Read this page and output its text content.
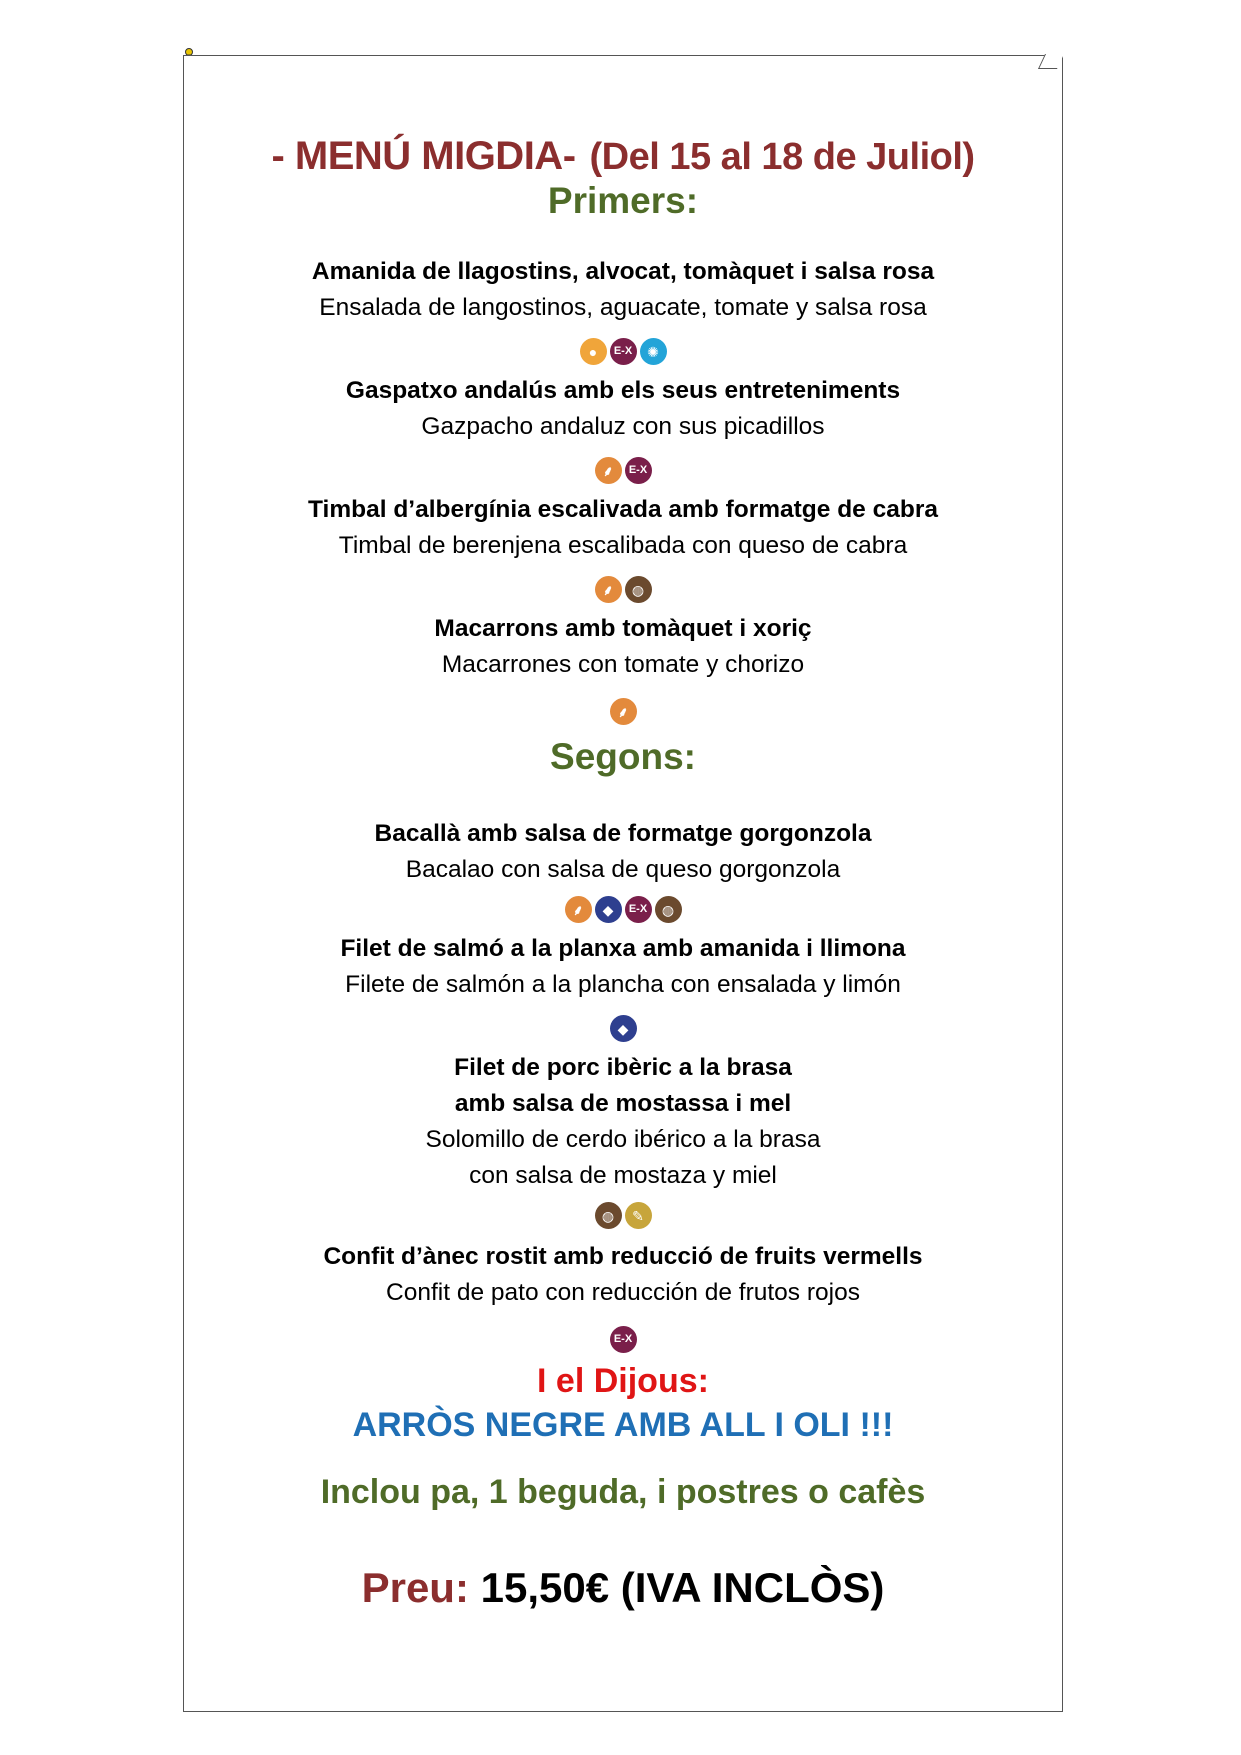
- MENÚ MIGDIA- (Del 15 al 18 de Juliol)
Primers:
Amanida de llagostins, alvocat, tomàquet i salsa rosa
Ensalada de langostinos, aguacate, tomate y salsa rosa
●	E-X	✺
Gaspatxo andalús amb els seus entreteniments
Gazpacho andaluz con sus picadillos
⸙	E-X
Timbal d’albergínia escalivada amb formatge de cabra
Timbal de berenjena escalibada con queso de cabra
⸙	◍
Macarrons amb tomàquet i xoriç
Macarrones con tomate y chorizo
⸙
Segons:
Bacallà amb salsa de formatge gorgonzola
Bacalao con salsa de queso gorgonzola
⸙	◆	E-X	◍
Filet de salmó a la planxa amb amanida i llimona
Filete de salmón a la plancha con ensalada y limón
◆
Filet de porc ibèric a la brasa
amb salsa de mostassa i mel
Solomillo de cerdo ibérico a la brasa
con salsa de mostaza y miel
◍	✎
Confit d’ànec rostit amb reducció de fruits vermells
Confit de pato con reducción de frutos rojos
E-X
I el Dijous:
ARRÒS NEGRE AMB ALL I OLI !!!
Inclou pa, 1 beguda, i postres o cafès
Preu: 15,50€ (IVA INCLÒS)
